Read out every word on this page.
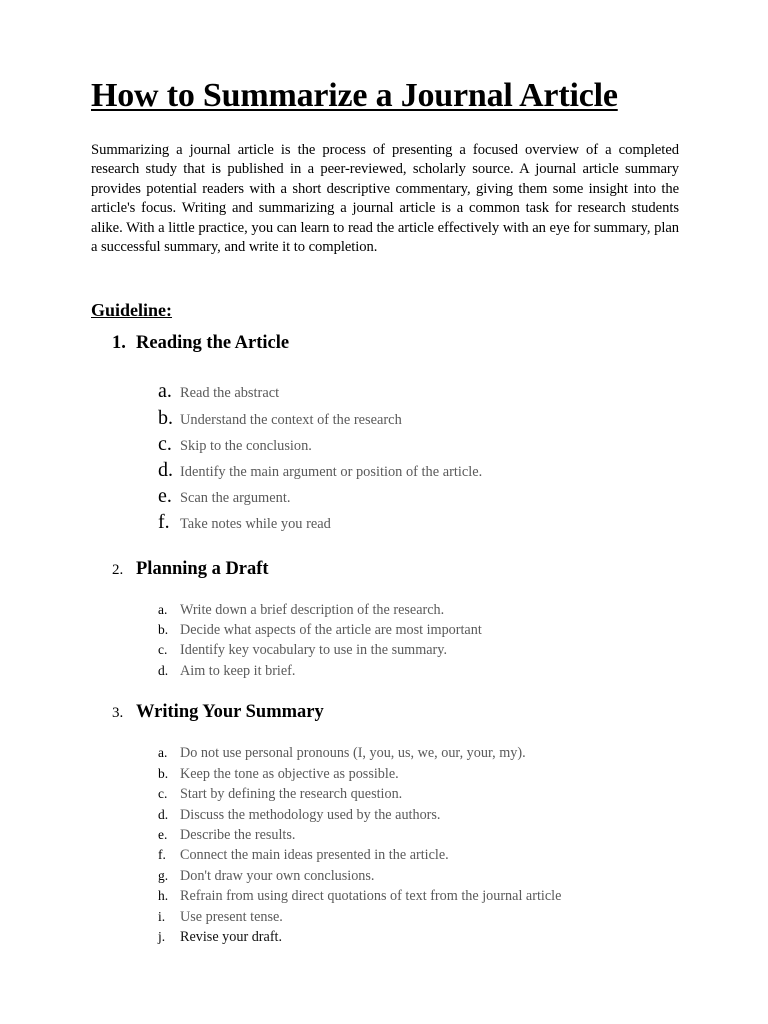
How to Summarize a Journal Article

Summarizing a journal article is the process of presenting a focused overview of a completed research study that is published in a peer-reviewed, scholarly source. A journal article summary provides potential readers with a short descriptive commentary, giving them some insight into the article's focus. Writing and summarizing a journal article is a common task for research students alike. With a little practice, you can learn to read the article effectively with an eye for summary, plan a successful summary, and write it to completion.

Guideline:
1. Reading the Article
a. Read the abstract
b. Understand the context of the research
c. Skip to the conclusion.
d. Identify the main argument or position of the article.
e. Scan the argument.
f. Take notes while you read
2. Planning a Draft
a. Write down a brief description of the research.
b. Decide what aspects of the article are most important
c. Identify key vocabulary to use in the summary.
d. Aim to keep it brief.
3. Writing Your Summary
a. Do not use personal pronouns (I, you, us, we, our, your, my).
b. Keep the tone as objective as possible.
c. Start by defining the research question.
d. Discuss the methodology used by the authors.
e. Describe the results.
f. Connect the main ideas presented in the article.
g. Don't draw your own conclusions.
h. Refrain from using direct quotations of text from the journal article
i.	Use present tense.
j.	Revise your draft.
